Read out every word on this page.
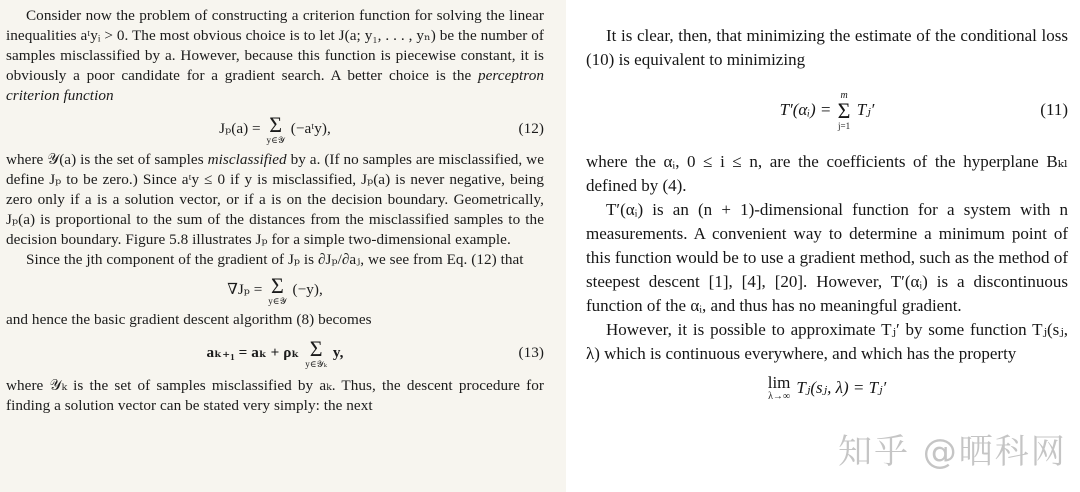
Consider now the problem of constructing a criterion function for solving the linear inequalities aᵗyᵢ > 0. The most obvious choice is to let J(a; y₁, . . . , yₙ) be the number of samples misclassified by a. However, because this function is piecewise constant, it is obviously a poor candidate for a gradient search. A better choice is the perceptron criterion function

Jₚ(a) = Σ
y∈𝒴
(−aᵗy),	(12)

where 𝒴(a) is the set of samples misclassified by a. (If no samples are misclassified, we define Jₚ to be zero.) Since aᵗy ≤ 0 if y is misclassified, Jₚ(a) is never negative, being zero only if a is a solution vector, or if a is on the decision boundary. Geometrically, Jₚ(a) is proportional to the sum of the distances from the misclassified samples to the decision boundary. Figure 5.8 illustrates Jₚ for a simple two-dimensional example.

Since the jth component of the gradient of Jₚ is ∂Jₚ/∂aⱼ, we see from Eq. (12) that

∇Jₚ = Σ
y∈𝒴
(−y),

and hence the basic gradient descent algorithm (8) becomes

aₖ₊₁ = aₖ + ρₖ Σ
y∈𝒴ₖ
y,	(13)

where 𝒴ₖ is the set of samples misclassified by aₖ. Thus, the descent procedure for finding a solution vector can be stated very simply: the next

It is clear, then, that minimizing the estimate of the conditional loss (10) is equivalent to minimizing

T′(αᵢ) =
m
Σ
j=1
Tⱼ′	(11)

where the αᵢ, 0 ≤ i ≤ n, are the coefficients of the hyperplane Bₖₗ defined by (4).

T′(αᵢ) is an (n + 1)-dimensional function for a system with n measurements. A convenient way to determine a minimum point of this function would be to use a gradient method, such as the method of steepest descent [1], [4], [20]. However, T′(αᵢ) is a discontinuous function of the αᵢ, and thus has no meaningful gradient.

However, it is possible to approximate Tⱼ′ by some function Tⱼ(sⱼ, λ) which is continuous everywhere, and which has the property

lim
λ→∞ Tⱼ(sⱼ, λ) = Tⱼ′
知乎 @晒科网
